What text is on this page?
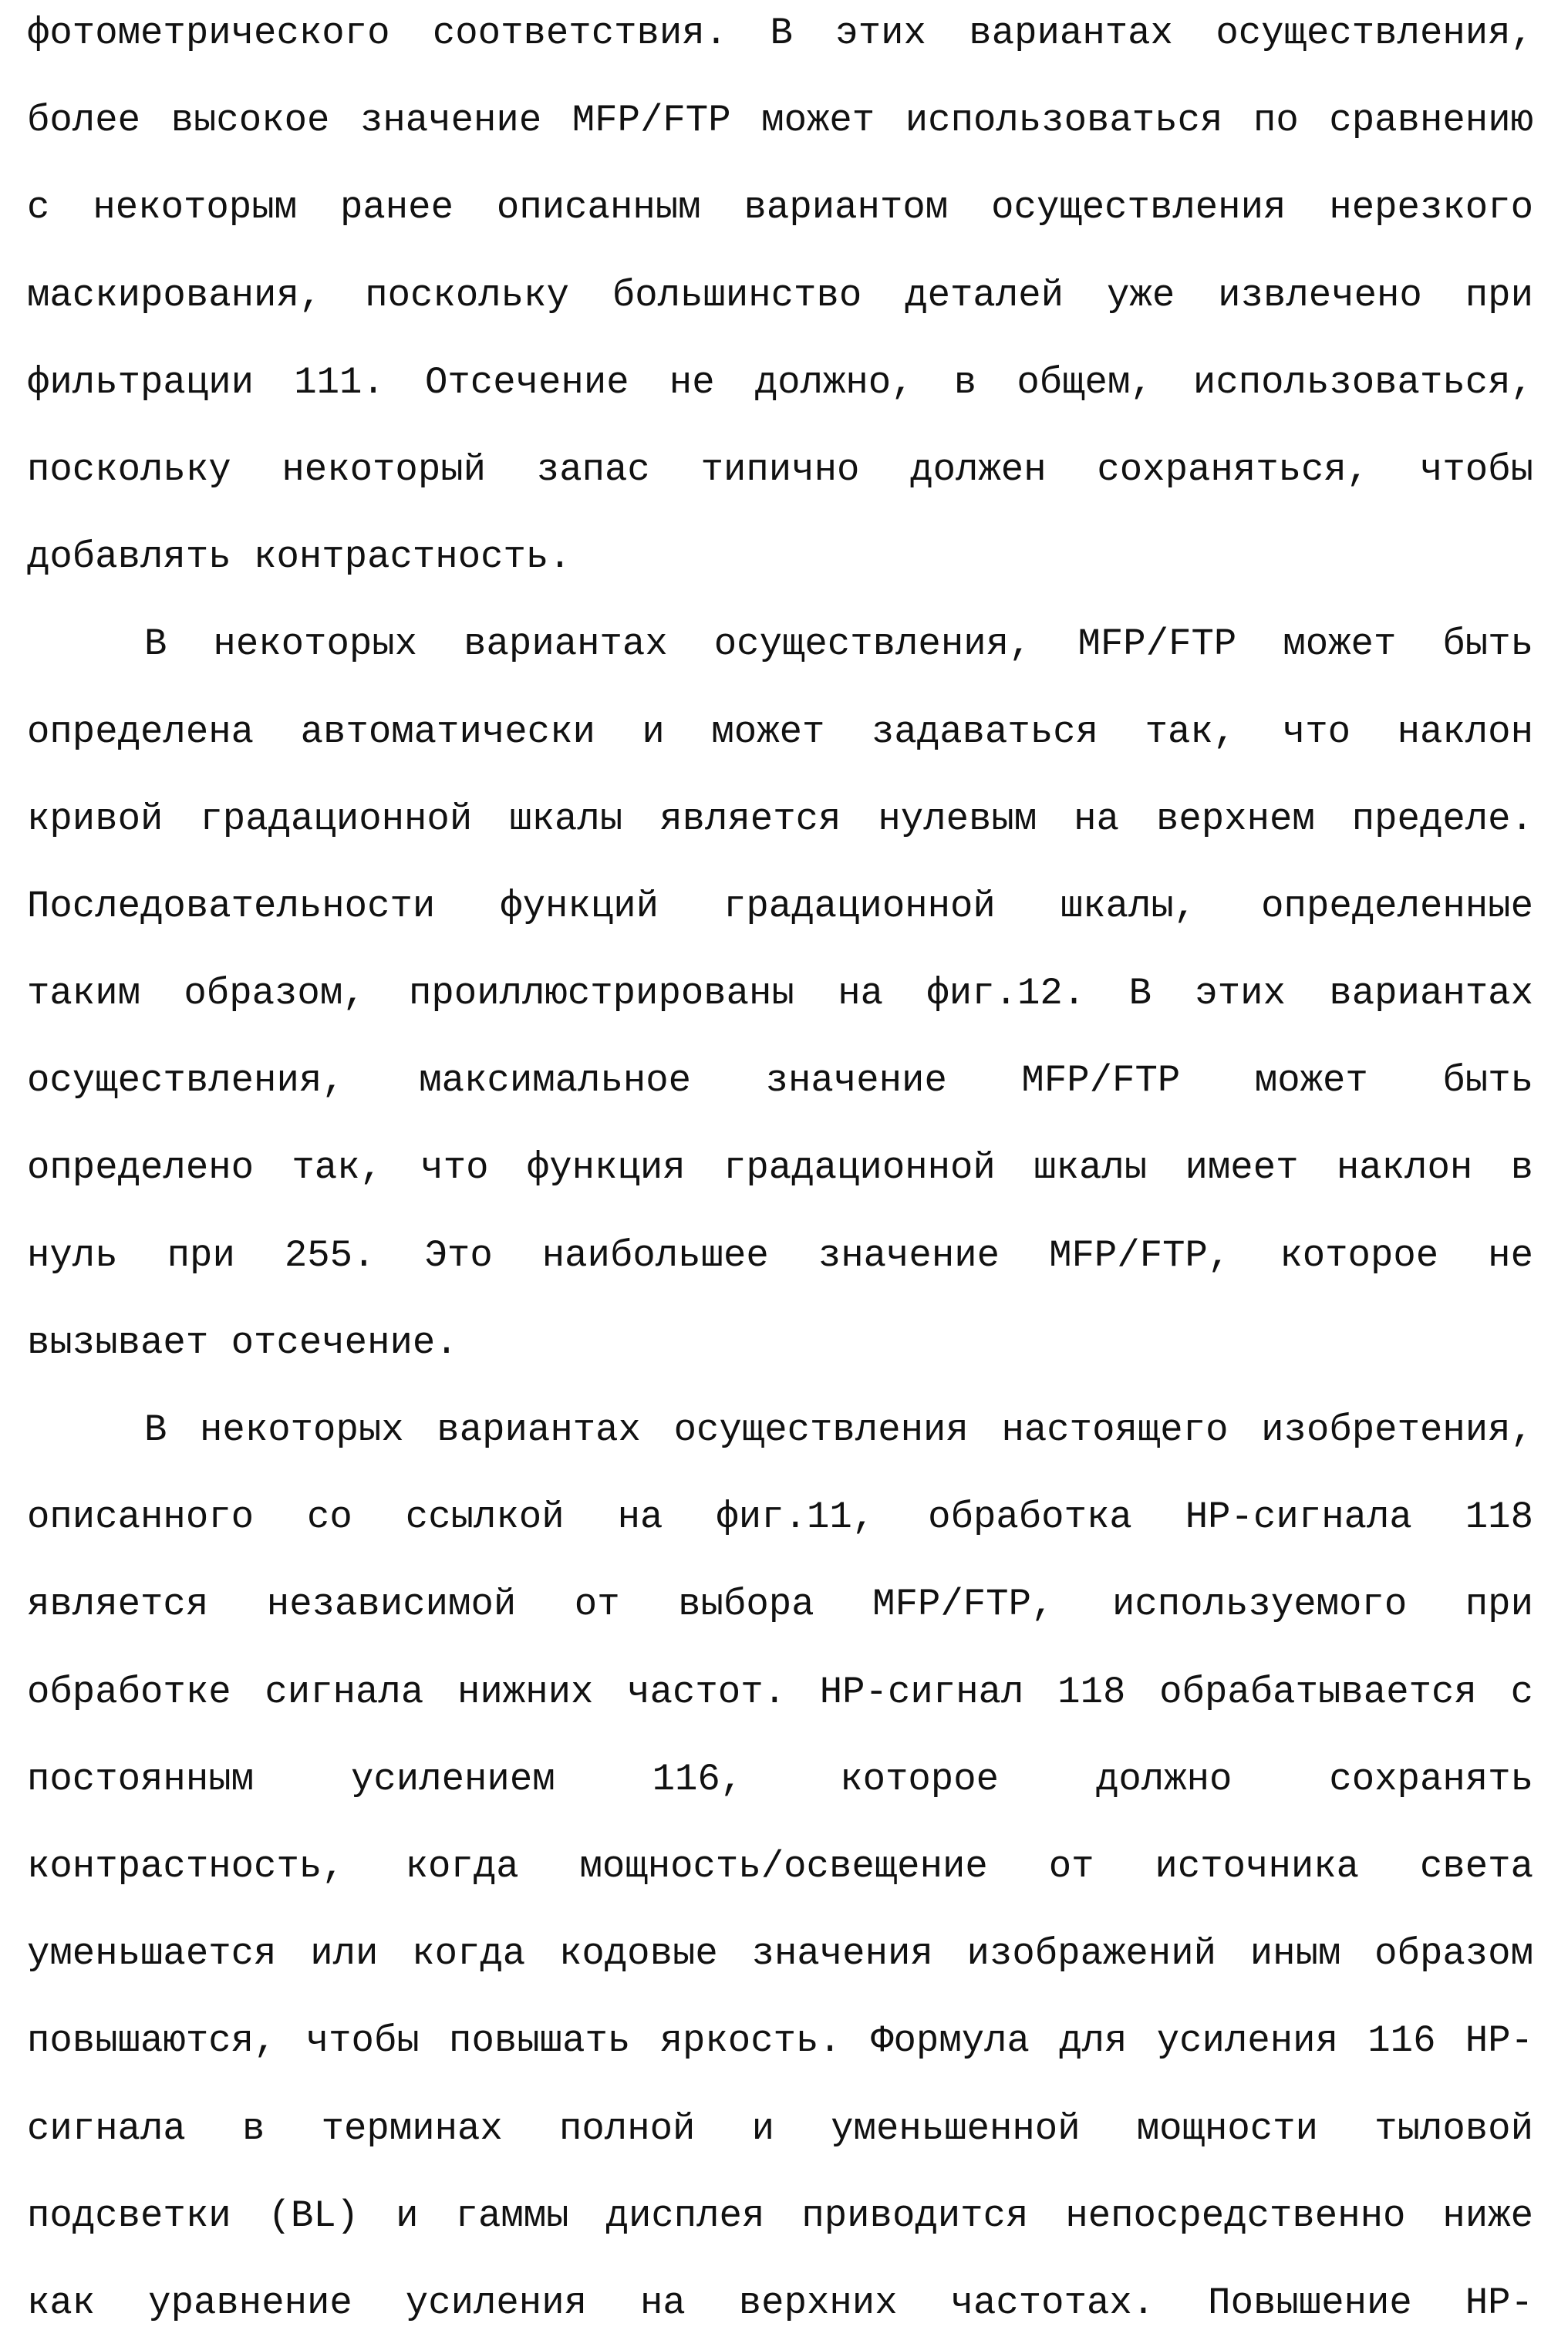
фотометрического соответствия. В этих вариантах осуществления,
более высокое значение MFP/FTP может использоваться по сравнению
с некоторым ранее описанным вариантом осуществления нерезкого
маскирования, поскольку большинство деталей уже извлечено при
фильтрации 111. Отсечение не должно, в общем, использоваться,
поскольку некоторый запас типично должен сохраняться, чтобы
добавлять контрастность.
В некоторых вариантах осуществления, MFP/FTP может быть
определена автоматически и может задаваться так, что наклон
кривой градационной шкалы является нулевым на верхнем пределе.
Последовательности функций градационной шкалы, определенные
таким образом, проиллюстрированы на фиг.12. В этих вариантах
осуществления, максимальное значение MFP/FTP может быть
определено так, что функция градационной шкалы имеет наклон в
нуль при 255. Это наибольшее значение MFP/FTP, которое не
вызывает отсечение.
В некоторых вариантах осуществления настоящего изобретения,
описанного со ссылкой на фиг.11, обработка HP-сигнала 118
является независимой от выбора MFP/FTP, используемого при
обработке сигнала нижних частот. HP-сигнал 118 обрабатывается с
постоянным усилением 116, которое должно сохранять
контрастность, когда мощность/освещение от источника света
уменьшается или когда кодовые значения изображений иным образом
повышаются, чтобы повышать яркость. Формула для усиления 116 HP-
сигнала в терминах полной и уменьшенной мощности тыловой
подсветки (BL) и гаммы дисплея приводится непосредственно ниже
как уравнение усиления на верхних частотах. Повышение HP-
